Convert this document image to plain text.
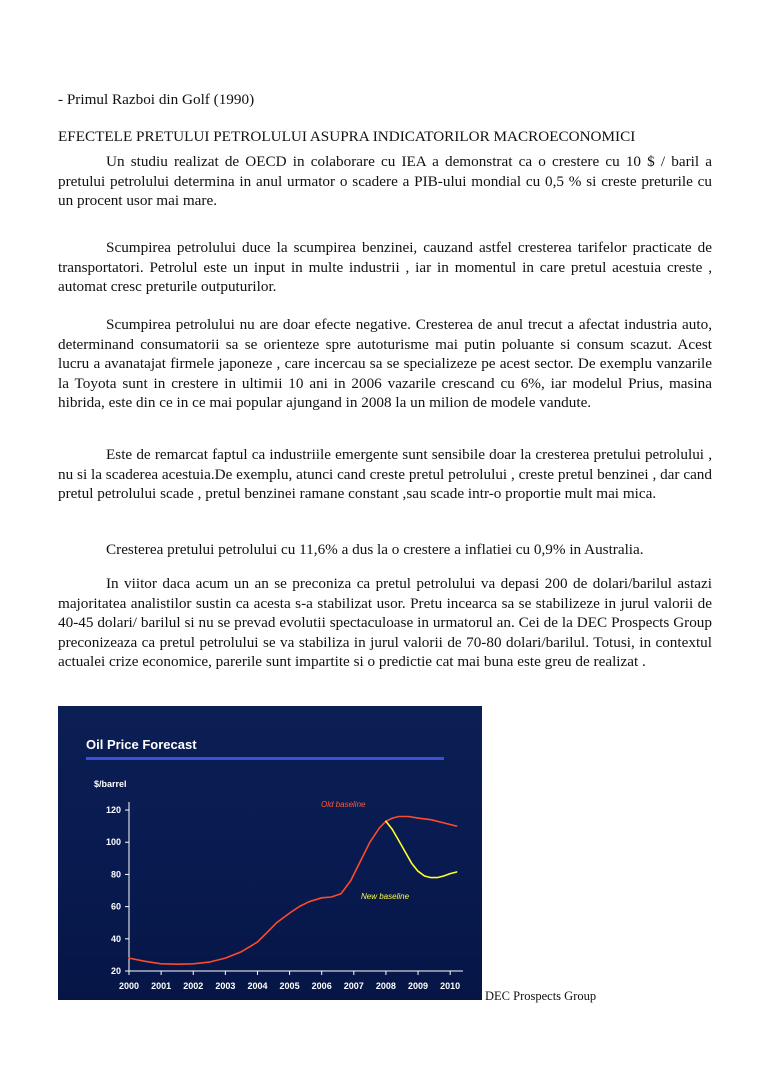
- Primul Razboi din Golf (1990)
EFECTELE PRETULUI PETROLULUI ASUPRA INDICATORILOR MACROECONOMICI

Un studiu realizat de OECD in colaborare cu IEA a demonstrat ca o crestere cu 10 $ / baril a pretului petrolului determina in anul urmator o scadere a PIB-ului mondial cu 0,5 % si creste preturile cu un procent usor mai mare.

Scumpirea petrolului duce la scumpirea benzinei, cauzand astfel cresterea tarifelor practicate de transportatori. Petrolul este un input in multe industrii , iar in momentul in care pretul acestuia creste , automat cresc preturile outputurilor.

Scumpirea petrolului nu are doar efecte negative. Cresterea de anul trecut a afectat industria auto, determinand consumatorii sa se orienteze spre autoturisme mai putin poluante si consum scazut. Acest lucru a avanatajat firmele japoneze , care incercau sa se specializeze pe acest sector. De exemplu vanzarile la Toyota sunt in crestere in ultimii 10 ani in 2006 vazarile crescand cu 6%, iar modelul Prius, masina hibrida, este din ce in ce mai popular ajungand in 2008 la un milion de modele vandute.

Este de remarcat faptul ca industriile emergente sunt sensibile doar la cresterea pretului petrolului , nu si la scaderea acestuia.De exemplu, atunci cand creste pretul petrolului , creste pretul benzinei , dar cand pretul petrolului scade , pretul benzinei ramane constant ,sau scade intr-o proportie mult mai mica.

Cresterea pretului petrolului cu 11,6% a dus la o crestere a inflatiei cu 0,9% in Australia.

In viitor daca acum un an se preconiza ca pretul petrolului va depasi 200 de dolari/barilul astazi majoritatea analistilor sustin ca acesta s-a stabilizat usor. Pretu incearca sa se stabilizeze in jurul valorii de 40-45 dolari/ barilul si nu se prevad evolutii spectaculoase in urmatorul an. Cei de la DEC Prospects Group preconizeaza ca pretul petrolului se va stabiliza in jurul valorii de 70-80 dolari/barilul. Totusi, in contextul actualei crize economice, parerile sunt impartite si o predictie cat mai buna este greu de realizat .

Oil Price Forecast
$/barrel
20
40
60
80
100
120
2000 2001 2002 2003 2004 2005 2006 2007 2008 2009 2010
Old baseline
New baseline
DEC Prospects Group
